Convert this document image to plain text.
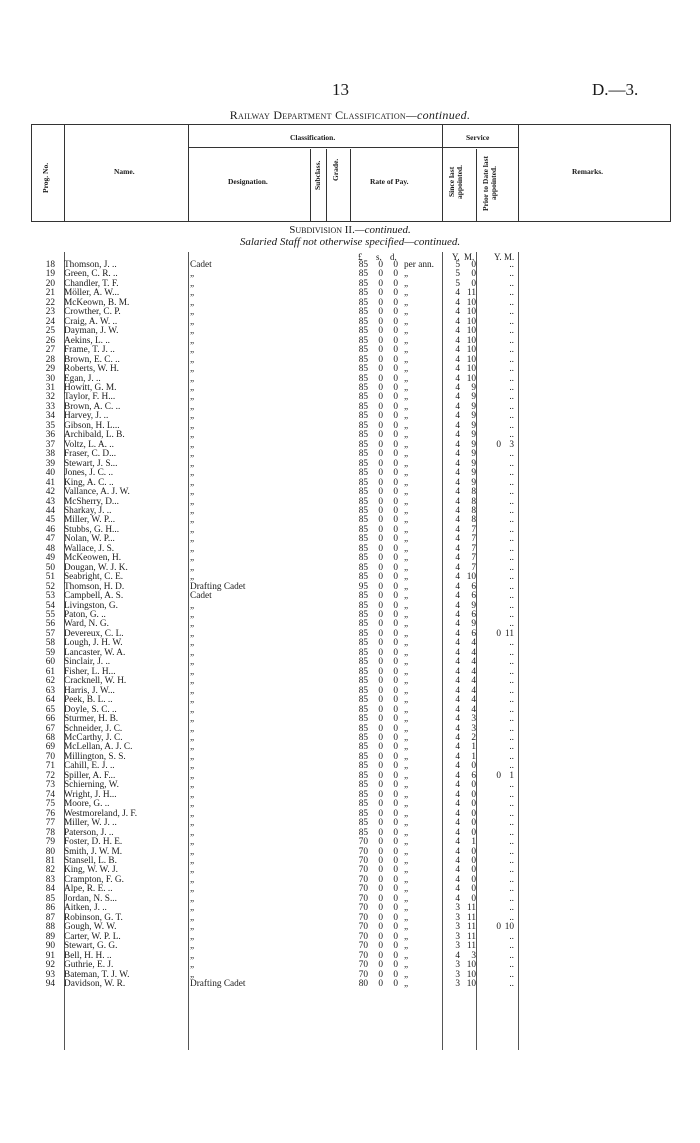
13	D.—3.
Railway Department Classification—continued.
Prog. No.	Name.
Classification.
Designation.	Subclass. Grade.
Rate of Pay.
Service
Since last appointed.	Prior to Date last appointed.	Remarks.
Subdivision II.—continued.
Salaried Staff not otherwise specified—continued.
£ s. d.	Y. M. Y. M.
18 Thomson, J. ..	Cadet	85	0	0 per ann.	5	0	..
19 Green, C. R. ..	„	85	0	0 „	5	0	..
20 Chandler, T. F.	„	85	0	0 „	5	0	..
21 Möller, A. W...	„	85	0	0 „	4 11	..
22 McKeown, B. M.	„	85	0	0 „	4 10	..
23 Crowther, C. P.	„	85	0	0 „	4 10	..
24 Craig, A. W. ..	„	85	0	0 „	4 10	..
25 Dayman, J. W.	„	85	0	0 „	4 10	..
26 Aekins, L. ..	„	85	0	0 „	4 10	..
27 Frame, T. J. ..	„	85	0	0 „	4 10	..
28 Brown, E. C. ..	„	85	0	0 „	4 10	..
29 Roberts, W. H.	„	85	0	0 „	4 10	..
30 Egan, J. ..	„	85	0	0 „	4 10	..
31 Howitt, G. M.	„	85	0	0 „	4	9	..
32 Taylor, F. H...	„	85	0	0 „	4	9	..
33 Brown, A. C. ..	„	85	0	0 „	4	9	..
34 Harvey, J. ..	„	85	0	0 „	4	9	..
35 Gibson, H. L...	„	85	0	0 „	4	9	..
36 Archibald, L. B.	„	85	0	0 „	4	9	..
37 Voltz, L. A. ..	„	85	0	0 „	4	9	0 3
38 Fraser, C. D...	„	85	0	0 „	4	9	..
39 Stewart, J. S...	„	85	0	0 „	4	9	..
40 Jones, J. C. ..	„	85	0	0 „	4	9	..
41 King, A. C. ..	„	85	0	0 „	4	9	..
42 Vallance, A. J. W.	„	85	0	0 „	4	8	..
43 McSherry, D...	„	85	0	0 „	4	8	..
44 Sharkay, J. ..	„	85	0	0 „	4	8	..
45 Miller, W. P...	„	85	0	0 „	4	8	..
46 Stubbs, G. H...	„	85	0	0 „	4	7	..
47 Nolan, W. P...	„	85	0	0 „	4	7	..
48 Wallace, J. S.	„	85	0	0 „	4	7	..
49 McKeowen, H.	„	85	0	0 „	4	7	..
50 Dougan, W. J. K.	„	85	0	0 „	4	7	..
51 Seabright, C. E.	„	85	0	0 „	4 10	..
52 Thomson, H. D.	Drafting Cadet	95	0	0 „	4	6	..
53 Campbell, A. S.	Cadet	85	0	0 „	4	6	..
54 Livingston, G.	„	85	0	0 „	4	9	..
55 Paton, G. ..	„	85	0	0 „	4	6	..
56 Ward, N. G.	„	85	0	0 „	4	9	..
57 Devereux, C. L.	„	85	0	0 „	4	6	0 11
58 Lough, J. H. W.	„	85	0	0 „	4	4	..
59 Lancaster, W. A.	„	85	0	0 „	4	4	..
60 Sinclair, J. ..	„	85	0	0 „	4	4	..
61 Fisher, L. H...	„	85	0	0 „	4	4	..
62 Cracknell, W. H.	„	85	0	0 „	4	4	..
63 Harris, J. W...	„	85	0	0 „	4	4	..
64 Peek, B. L. ..	„	85	0	0 „	4	4	..
65 Doyle, S. C. ..	„	85	0	0 „	4	4	..
66 Sturmer, H. B.	„	85	0	0 „	4	3	..
67 Schneider, J. C.	„	85	0	0 „	4	3	..
68 McCarthy, J. C.	„	85	0	0 „	4	2	..
69 McLellan, A. J. C.	„	85	0	0 „	4	1	..
70 Millington, S. S.	„	85	0	0 „	4	1	..
71 Cahill, E. J. ..	„	85	0	0 „	4	0	..
72 Spiller, A. F...	„	85	0	0 „	4	6	0 1
73 Schierning, W.	„	85	0	0 „	4	0	..
74 Wright, J. H...	„	85	0	0 „	4	0	..
75 Moore, G. ..	„	85	0	0 „	4	0	..
76 Westmoreland, J. F.	„	85	0	0 „	4	0	..
77 Miller, W. J. ..	„	85	0	0 „	4	0	..
78 Paterson, J. ..	„	85	0	0 „	4	0	..
79 Foster, D. H. E.	„	70	0	0 „	4	1	..
80 Smith, J. W. M.	„	70	0	0 „	4	0	..
81 Stansell, L. B.	„	70	0	0 „	4	0	..
82 King, W. W. J.	„	70	0	0 „	4	0	..
83 Crampton, F. G.	„	70	0	0 „	4	0	..
84 Alpe, R. E. ..	„	70	0	0 „	4	0	..
85 Jordan, N. S...	„	70	0	0 „	4	0	..
86 Aitken, J. ..	„	70	0	0 „	3 11	..
87 Robinson, G. T.	„	70	0	0 „	3 11	..
88 Gough, W. W.	„	70	0	0 „	3 11	0 10
89 Carter, W. P. L.	„	70	0	0 „	3 11	..
90 Stewart, G. G.	„	70	0	0 „	3 11	..
91 Bell, H. H. ..	„	70	0	0 „	4	3	..
92 Guthrie, E. J.	„	70	0	0 „	3 10	..
93 Bateman, T. J. W.	„	70	0	0 „	3 10	..
94 Davidson, W. R.	Drafting Cadet	80	0	0 „	3 10	..
